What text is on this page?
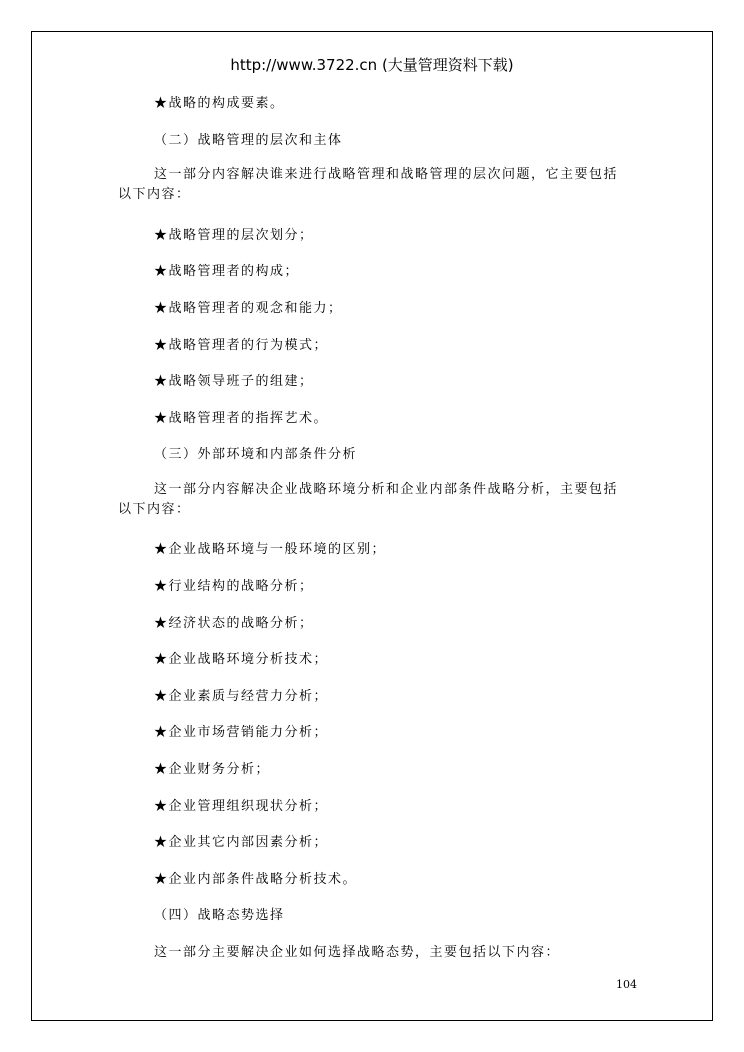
http://www.3722.cn (大量管理资料下载)
★战略的构成要素。
（二）战略管理的层次和主体
这一部分内容解决谁来进行战略管理和战略管理的层次问题，它主要包括
以下内容：
★战略管理的层次划分；
★战略管理者的构成；
★战略管理者的观念和能力；
★战略管理者的行为模式；
★战略领导班子的组建；
★战略管理者的指挥艺术。
（三）外部环境和内部条件分析
这一部分内容解决企业战略环境分析和企业内部条件战略分析，主要包括
以下内容：
★企业战略环境与一般环境的区别；
★行业结构的战略分析；
★经济状态的战略分析；
★企业战略环境分析技术；
★企业素质与经营力分析；
★企业市场营销能力分析；
★企业财务分析；
★企业管理组织现状分析；
★企业其它内部因素分析；
★企业内部条件战略分析技术。
（四）战略态势选择
这一部分主要解决企业如何选择战略态势，主要包括以下内容：
104
